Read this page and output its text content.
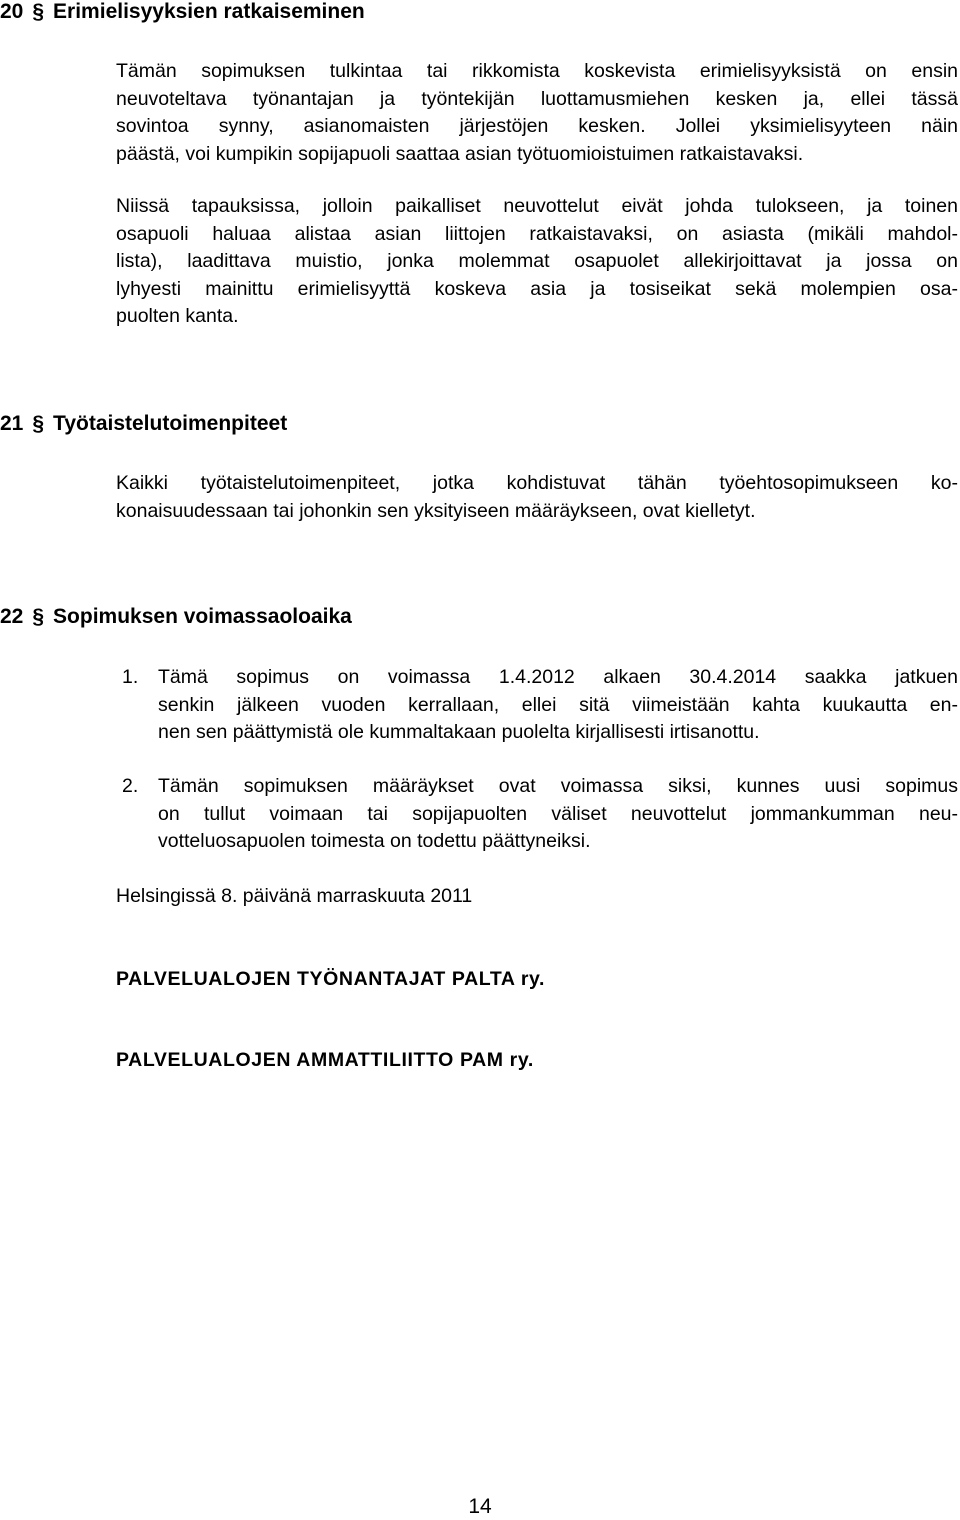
20 § Erimielisyyksien ratkaiseminen

Tämän sopimuksen tulkintaa tai rikkomista koskevista erimielisyyksistä on ensin
neuvoteltava työnantajan ja työntekijän luottamusmiehen kesken ja, ellei tässä
sovintoa synny, asianomaisten järjestöjen kesken. Jollei yksimielisyyteen näin
päästä, voi kumpikin sopijapuoli saattaa asian työtuomioistuimen ratkaistavaksi.

Niissä tapauksissa, jolloin paikalliset neuvottelut eivät johda tulokseen, ja toinen
osapuoli haluaa alistaa asian liittojen ratkaistavaksi, on asiasta (mikäli mahdol-
lista), laadittava muistio, jonka molemmat osapuolet allekirjoittavat ja jossa on
lyhyesti mainittu erimielisyyttä koskeva asia ja tosiseikat sekä molempien osa-
puolten kanta.

21 § Työtaistelutoimenpiteet

Kaikki työtaistelutoimenpiteet, jotka kohdistuvat tähän työehtosopimukseen ko-
konaisuudessaan tai johonkin sen yksityiseen määräykseen, ovat kielletyt.

22 § Sopimuksen voimassaoloaika
1. Tämä sopimus on voimassa 1.4.2012 alkaen 30.4.2014 saakka jatkuen
senkin jälkeen vuoden kerrallaan, ellei sitä viimeistään kahta kuukautta en-
nen sen päättymistä ole kummaltakaan puolelta kirjallisesti irtisanottu.
2. Tämän sopimuksen määräykset ovat voimassa siksi, kunnes uusi sopimus
on tullut voimaan tai sopijapuolten väliset neuvottelut jommankumman neu-
votteluosapuolen toimesta on todettu päättyneiksi.

Helsingissä 8. päivänä marraskuuta 2011

PALVELUALOJEN TYÖNANTAJAT PALTA ry.

PALVELUALOJEN AMMATTILIITTO PAM ry.

14
